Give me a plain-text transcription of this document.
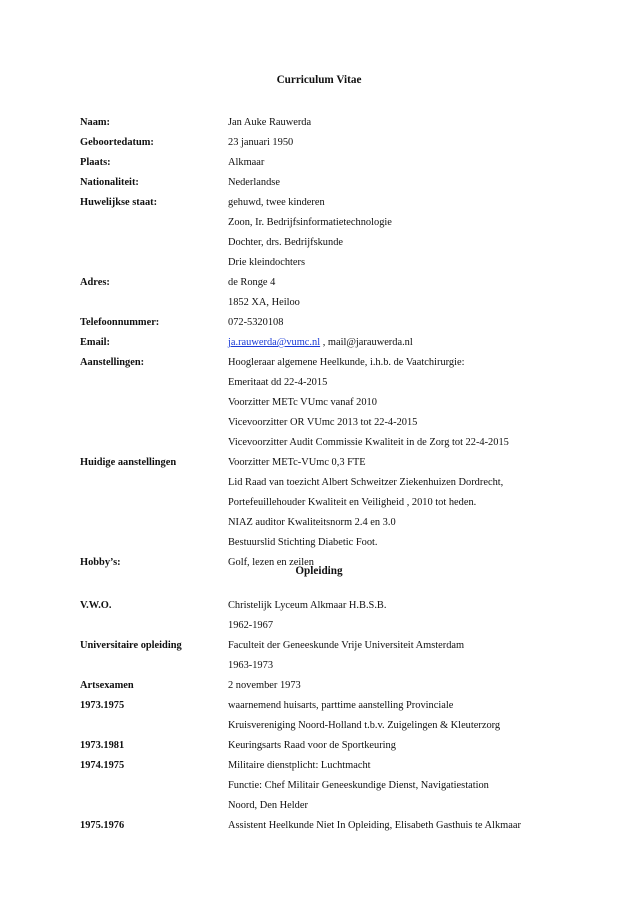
Curriculum Vitae
Naam:	Jan Auke Rauwerda
Geboortedatum:	23 januari 1950
Plaats:	Alkmaar
Nationaliteit:	Nederlandse
Huwelijkse staat:	gehuwd, twee kinderen
Zoon, Ir. Bedrijfsinformatietechnologie
Dochter, drs. Bedrijfskunde
Drie kleindochters
Adres:	de Ronge 4
1852 XA, Heiloo
Telefoonnummer:	072-5320108
Email:	ja.rauwerda@vumc.nl , mail@jarauwerda.nl
Aanstellingen:	Hoogleraar algemene Heelkunde, i.h.b. de Vaatchirurgie:
Emeritaat dd 22-4-2015
Voorzitter METc VUmc vanaf 2010
Vicevoorzitter OR VUmc 2013 tot 22-4-2015
Vicevoorzitter Audit Commissie Kwaliteit in de Zorg tot 22-4-2015
Huidige aanstellingen	Voorzitter METc-VUmc 0,3 FTE
Lid Raad van toezicht Albert Schweitzer Ziekenhuizen Dordrecht,
Portefeuillehouder Kwaliteit en Veiligheid , 2010 tot heden.
NIAZ auditor Kwaliteitsnorm 2.4 en 3.0
Bestuurslid Stichting Diabetic Foot.
Hobby’s:	Golf, lezen en zeilen
Opleiding
V.W.O.	Christelijk Lyceum Alkmaar H.B.S.B.
1962-1967
Universitaire opleiding	Faculteit der Geneeskunde Vrije Universiteit Amsterdam
1963-1973
Artsexamen	2 november 1973
1973.1975	waarnemend huisarts, parttime aanstelling Provinciale
Kruisvereniging Noord-Holland t.b.v. Zuigelingen & Kleuterzorg
1973.1981	Keuringsarts Raad voor de Sportkeuring
1974.1975	Militaire dienstplicht: Luchtmacht
Functie: Chef Militair Geneeskundige Dienst, Navigatiestation
Noord, Den Helder
1975.1976	Assistent Heelkunde Niet In Opleiding, Elisabeth Gasthuis te Alkmaar
